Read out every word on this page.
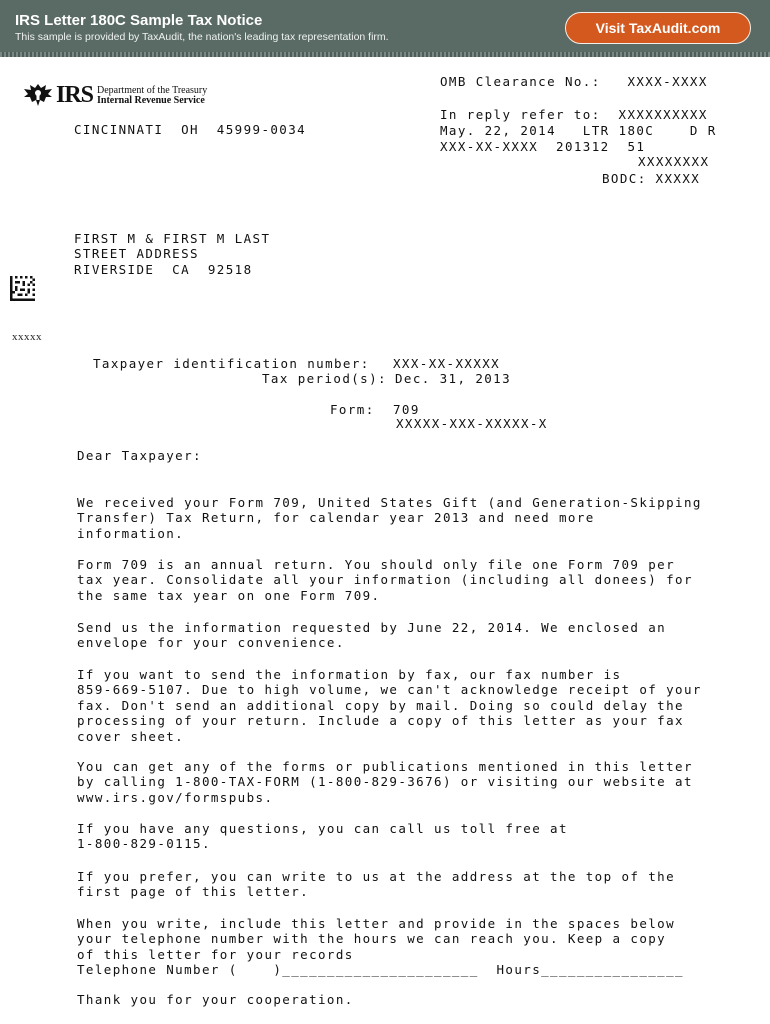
IRS Letter 180C Sample Tax Notice
This sample is provided by TaxAudit, the nation's leading tax representation firm.
Visit TaxAudit.com
IRS Department of the Treasury
Internal Revenue Service
OMB Clearance No.:   XXXX-XXXX
CINCINNATI  OH  45999-0034
In reply refer to:  XXXXXXXXXX
May. 22, 2014   LTR 180C    D R
XXX-XX-XXXX  201312  51
XXXXXXXX
BODC: XXXXX
FIRST M & FIRST M LAST
STREET ADDRESS
RIVERSIDE  CA  92518
xxxxx
Taxpayer identification number: XXX-XX-XXXXX
Tax period(s): Dec. 31, 2013
Form: 709
XXXXX-XXX-XXXXX-X
Dear Taxpayer:

We received your Form 709, United States Gift (and Generation-Skipping
Transfer) Tax Return, for calendar year 2013 and need more
information.

Form 709 is an annual return. You should only file one Form 709 per
tax year. Consolidate all your information (including all donees) for
the same tax year on one Form 709.

Send us the information requested by June 22, 2014. We enclosed an
envelope for your convenience.

If you want to send the information by fax, our fax number is
859-669-5107. Due to high volume, we can't acknowledge receipt of your
fax. Don't send an additional copy by mail. Doing so could delay the
processing of your return. Include a copy of this letter as your fax
cover sheet.

You can get any of the forms or publications mentioned in this letter
by calling 1-800-TAX-FORM (1-800-829-3676) or visiting our website at
www.irs.gov/formspubs.

If you have any questions, you can call us toll free at
1-800-829-0115.

If you prefer, you can write to us at the address at the top of the
first page of this letter.

When you write, include this letter and provide in the spaces below
your telephone number with the hours we can reach you. Keep a copy
of this letter for your records

Telephone Number (    )______________________  Hours________________
Thank you for your cooperation.
